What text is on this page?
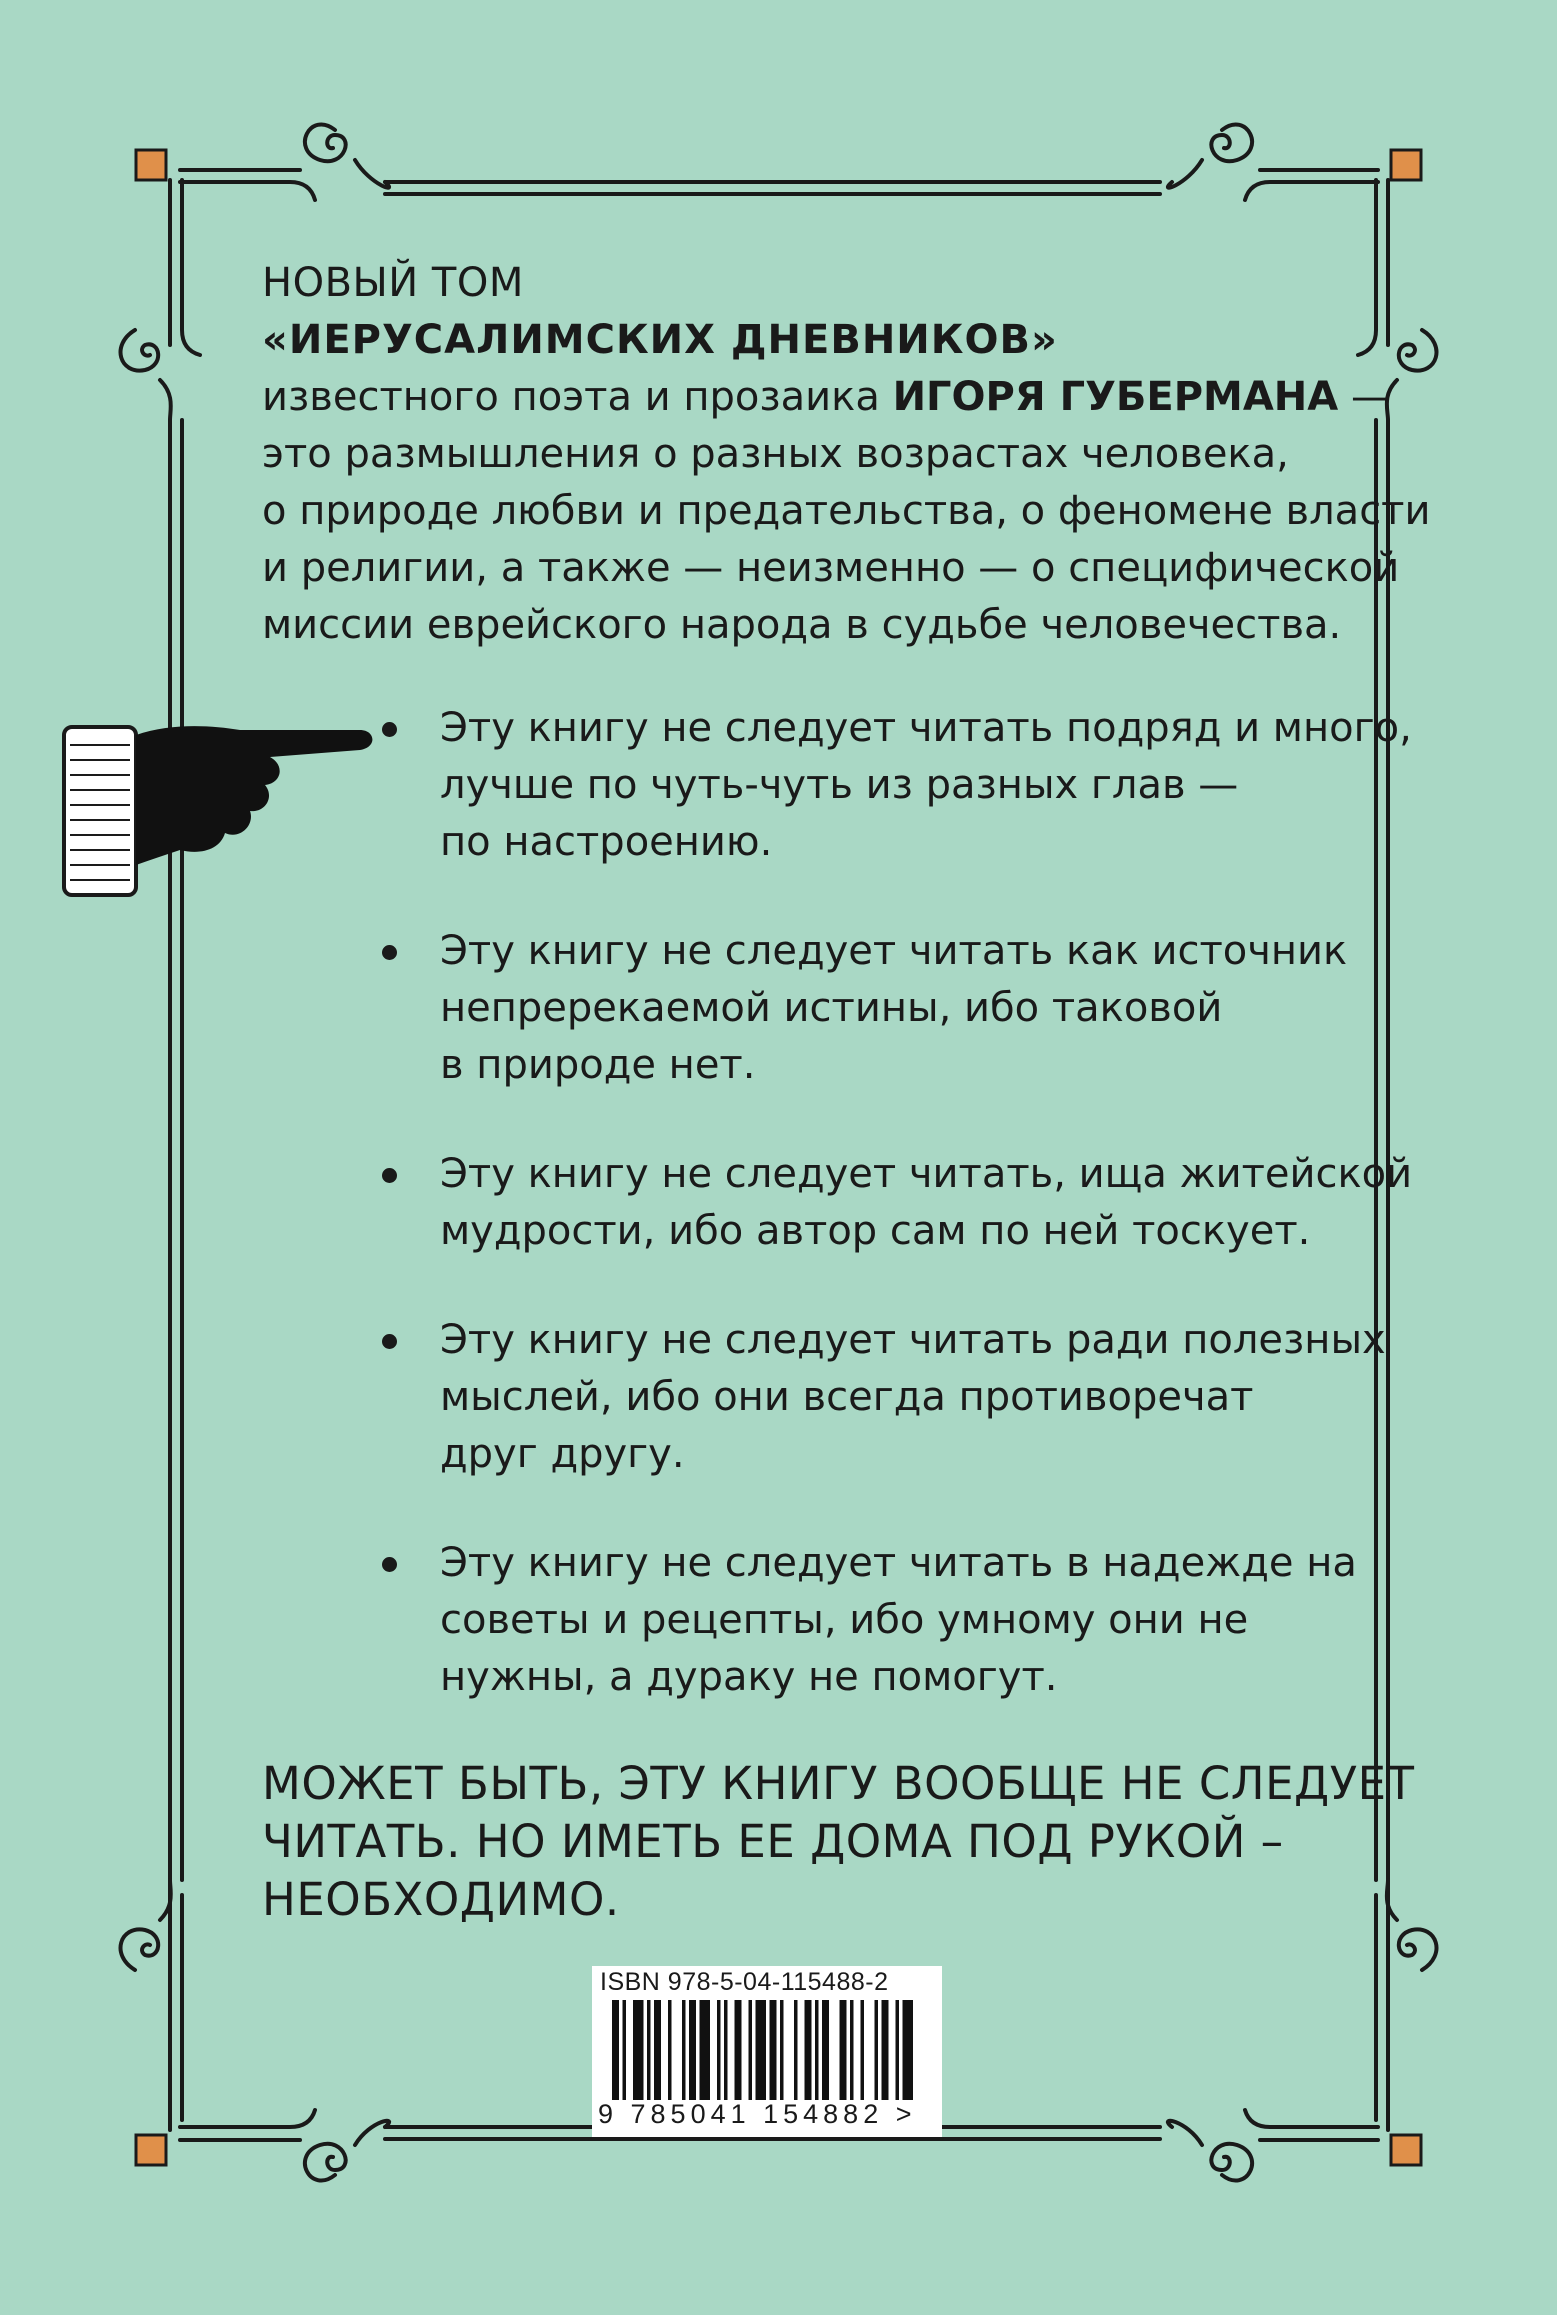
НОВЫЙ ТОМ
«ИЕРУСАЛИМСКИХ ДНЕВНИКОВ»
известного поэта и прозаика ИГОРЯ ГУБЕРМАНА —
это размышления о разных возрастах человека,
о природе любви и предательства, о феномене власти
и религии, а также — неизменно — о специфической
миссии еврейского народа в судьбе человечества.
Эту книгу не следует читать подряд и много,
лучше по чуть-чуть из разных глав —
по настроению.
Эту книгу не следует читать как источник
непререкаемой истины, ибо таковой
в природе нет.
Эту книгу не следует читать, ища житейской
мудрости, ибо автор сам по ней тоскует.
Эту книгу не следует читать ради полезных
мыслей, ибо они всегда противоречат
друг другу.
Эту книгу не следует читать в надежде на
советы и рецепты, ибо умному они не
нужны, а дураку не помогут.
МОЖЕТ БЫТЬ, ЭТУ КНИГУ ВООБЩЕ НЕ СЛЕДУЕТ
ЧИТАТЬ. НО ИМЕТЬ ЕЕ ДОМА ПОД РУКОЙ –
НЕОБХОДИМО.
ISBN 978-5-04-115488-2
9 785041 154882 >
